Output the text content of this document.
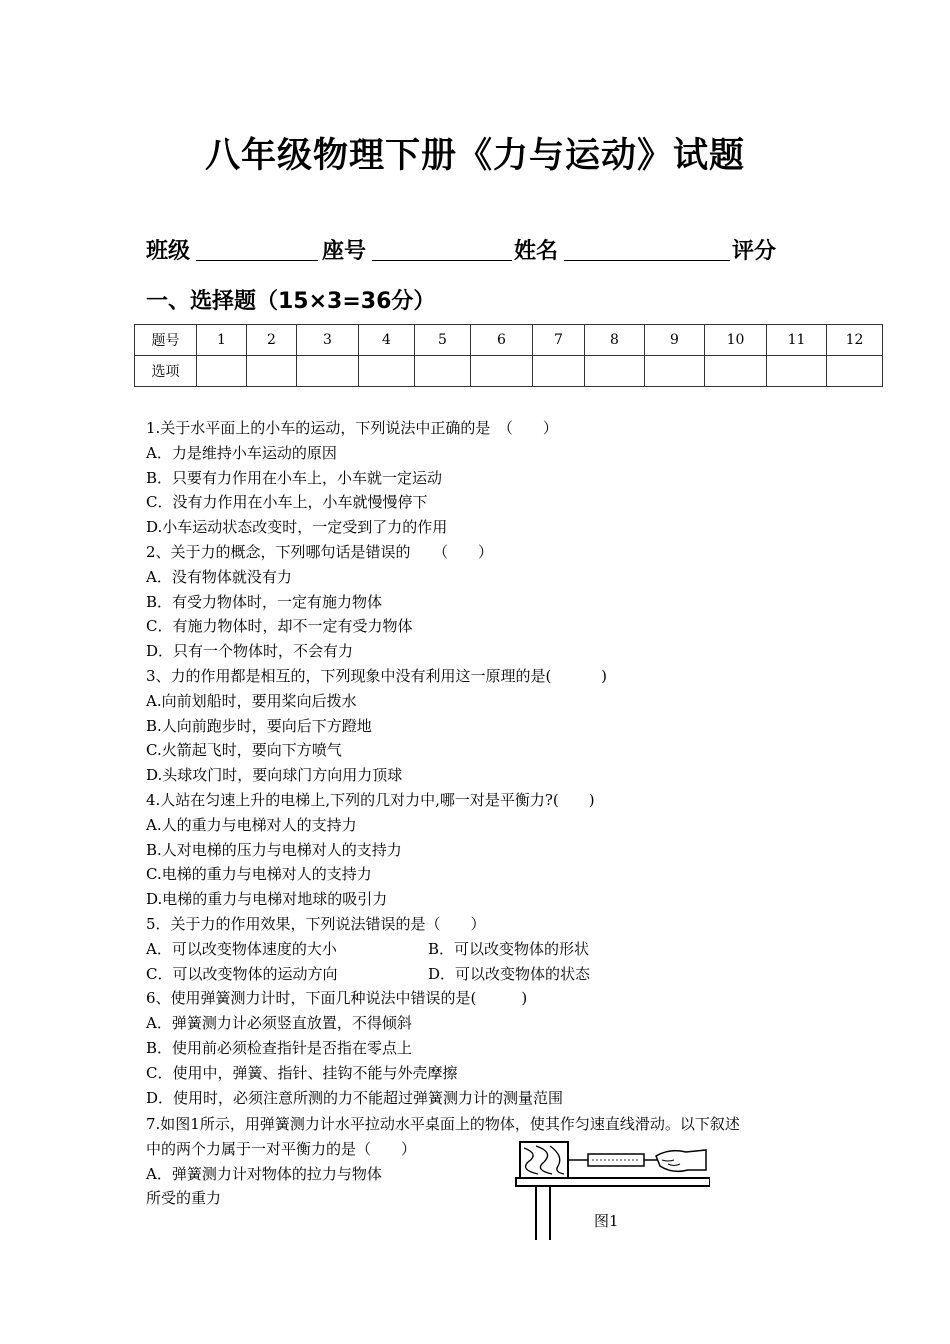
八年级物理下册《力与运动》试题
班级	座号	姓名	评分
一、选择题（15×3=36分）
题号	1	2	3	4	5	6	7	8	9	10	11	12
选项												
1.关于水平面上的小车的运动，下列说法中正确的是　（　　）
A．力是维持小车运动的原因
B．只要有力作用在小车上，小车就一定运动
C．没有力作用在小车上，小车就慢慢停下
D.小车运动状态改变时，一定受到了力的作用
2、关于力的概念，下列哪句话是错误的　　（　　）
A．没有物体就没有力
B．有受力物体时，一定有施力物体
C．有施力物体时，却不一定有受力物体
D．只有一个物体时，不会有力
3、力的作用都是相互的，下列现象中没有利用这一原理的是(　　　 )
A.向前划船时，要用桨向后拨水
B.人向前跑步时，要向后下方蹬地
C.火箭起飞时，要向下方喷气
D.头球攻门时，要向球门方向用力顶球
4.人站在匀速上升的电梯上,下列的几对力中,哪一对是平衡力?(　　)
A.人的重力与电梯对人的支持力
B.人对电梯的压力与电梯对人的支持力
C.电梯的重力与电梯对人的支持力
D.电梯的重力与电梯对地球的吸引力
5．关于力的作用效果，下列说法错误的是（　　）
A．可以改变物体速度的大小	B．可以改变物体的形状
C．可以改变物体的运动方向	D．可以改变物体的状态
6、使用弹簧测力计时，下面几种说法中错误的是(　　　)
A．弹簧测力计必须竖直放置，不得倾斜
B．使用前必须检查指针是否指在零点上
C．使用中，弹簧、指针、挂钩不能与外壳摩擦
D．使用时，必须注意所测的力不能超过弹簧测力计的测量范围
7.如图1所示，用弹簧测力计水平拉动水平桌面上的物体，使其作匀速直线滑动。以下叙述
中的两个力属于一对平衡力的是（　　）
A．弹簧测力计对物体的拉力与物体
所受的重力
图1
